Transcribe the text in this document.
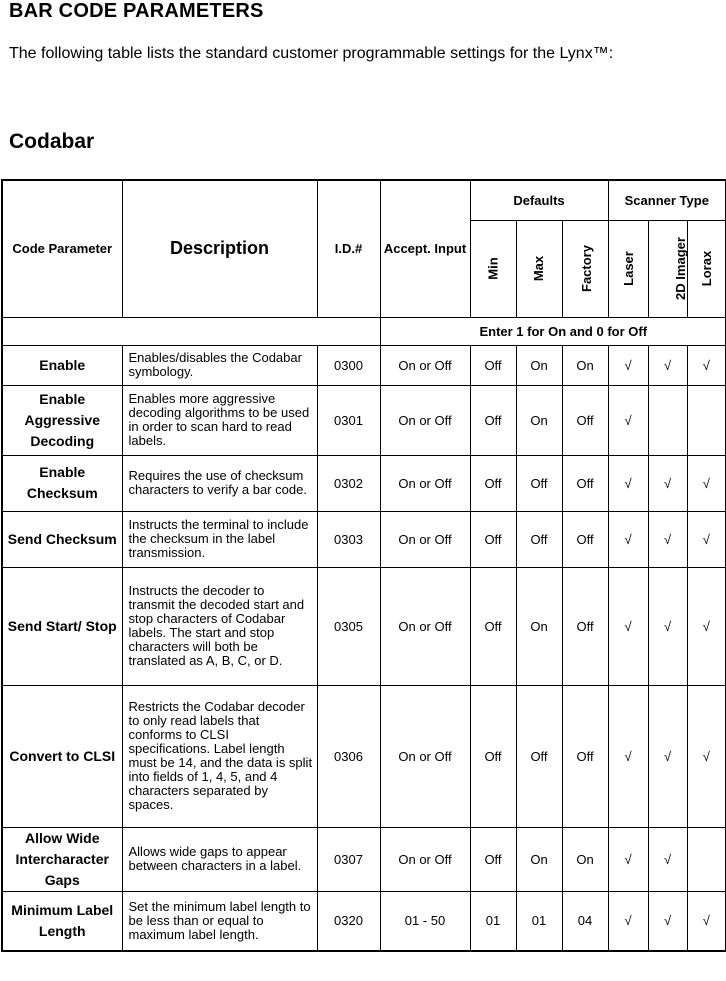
BAR CODE PARAMETERS

The following table lists the standard customer programmable settings for the Lynx™:

Codabar
Code Parameter	Description	I.D.#	Accept. Input	Defaults			Scanner Type		
				Min	Max	Factory	Laser	2D Imager	Lorax
			Enter 1 for On and 0 for Off						
Enable	Enables/disables the Codabar symbology.	0300	On or Off	Off	On	On	√	√	√
Enable Aggressive Decoding	Enables more aggressive decoding algorithms to be used in order to scan hard to read labels.	0301	On or Off	Off	On	Off	√		
Enable Checksum	Requires the use of checksum characters to verify a bar code.	0302	On or Off	Off	Off	Off	√	√	√
Send Checksum	Instructs the terminal to include the checksum in the label transmission.	0303	On or Off	Off	Off	Off	√	√	√
Send Start/ Stop	Instructs the decoder to transmit the decoded start and stop characters of Codabar labels. The start and stop characters will both be translated as A, B, C, or D.	0305	On or Off	Off	On	Off	√	√	√
Convert to CLSI	Restricts the Codabar decoder to only read labels that conforms to CLSI specifications. Label length must be 14, and the data is split into fields of 1, 4, 5, and 4 characters separated by spaces.	0306	On or Off	Off	Off	Off	√	√	√
Allow Wide Intercharacter Gaps	Allows wide gaps to appear between characters in a label.	0307	On or Off	Off	On	On	√	√	
Minimum Label Length	Set the minimum label length to be less than or equal to maximum label length.	0320	01 - 50	01	01	04	√	√	√
